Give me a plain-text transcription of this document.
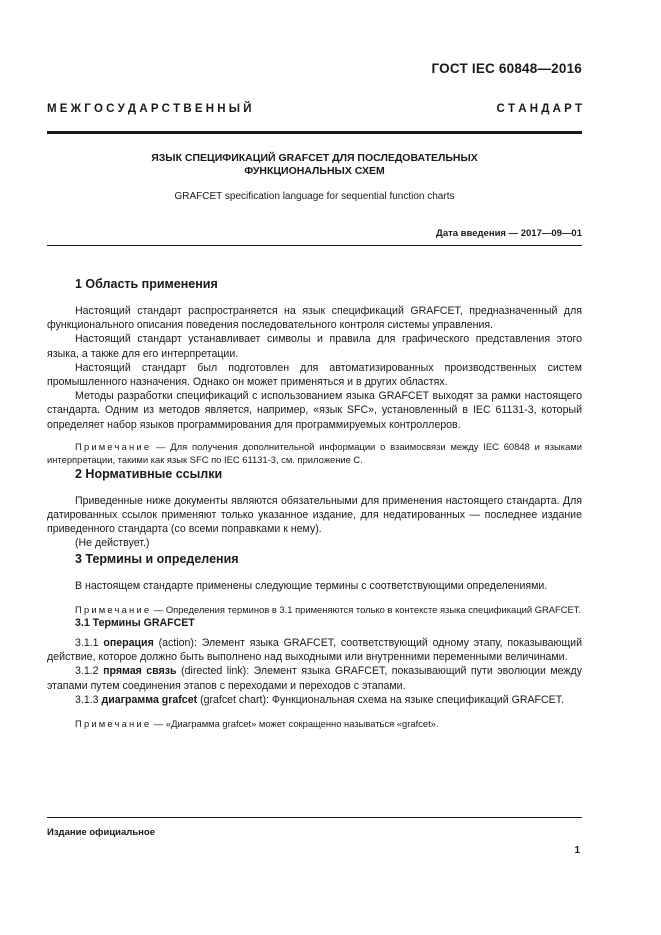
ГОСТ IEC 60848—2016
М Е Ж Г О С У Д А Р С Т В Е Н Н Ы Й	С Т А Н Д А Р Т
ЯЗЫК СПЕЦИФИКАЦИЙ GRAFCET ДЛЯ ПОСЛЕДОВАТЕЛЬНЫХ
ФУНКЦИОНАЛЬНЫХ СХЕМ
GRAFCET specification language for sequential function charts
Дата введения — 2017—09—01
1 Область применения

Настоящий стандарт распространяется на язык спецификаций GRAFCET, предназначенный для функционального описания поведения последовательного контроля системы управления.

Настоящий стандарт устанавливает символы и правила для графического представления этого языка, а также для его интерпретации.

Настоящий стандарт был подготовлен для автоматизированных производственных систем промышленного назначения. Однако он может применяться и в других областях.

Методы разработки спецификаций с использованием языка GRAFCET выходят за рамки настоящего стандарта. Одним из методов является, например, «язык SFC», установленный в IEC 61131-3, который определяет набор языков программирования для программируемых контроллеров.

Примечание — Для получения дополнительной информации о взаимосвязи между IEC 60848 и языками интерпретации, такими как язык SFC по IEC 61131-3, см. приложение С.

2 Нормативные ссылки

Приведенные ниже документы являются обязательными для применения настоящего стандарта. Для датированных ссылок применяют только указанное издание, для недатированных — последнее издание приведенного стандарта (со всеми поправками к нему).

(Не действует.)

3 Термины и определения

В настоящем стандарте применены следующие термины с соответствующими определениями.

Примечание — Определения терминов в 3.1 применяются только в контексте языка спецификаций GRAFCET.

3.1 Термины GRAFCET

3.1.1 операция (action): Элемент языка GRAFCET, соответствующий одному этапу, показывающий действие, которое должно быть выполнено над выходными или внутренними переменными величинами.

3.1.2 прямая связь (directed link): Элемент языка GRAFCET, показывающий пути эволюции между этапами путем соединения этапов с переходами и переходов с этапами.

3.1.3 диаграмма grafcet (grafcet chart): Функциональная схема на языке спецификаций GRAFCET.

Примечание — «Диаграмма grafcet» может сокращенно называться «grafcet».

Издание официальное
1
